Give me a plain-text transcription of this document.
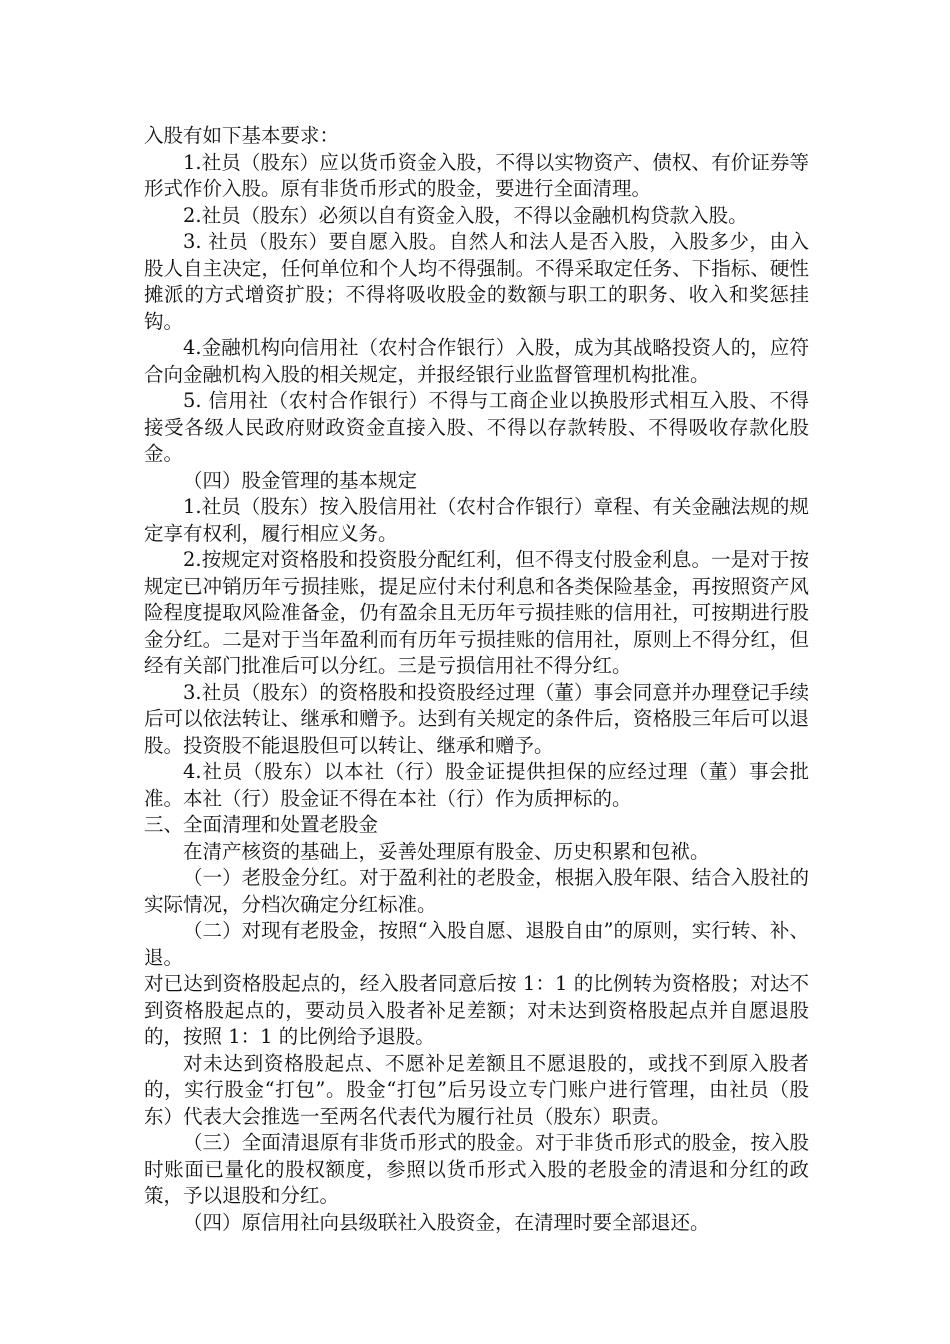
入股有如下基本要求：

1.社员（股东）应以货币资金入股，不得以实物资产、债权、有价证券等形式作价入股。原有非货币形式的股金，要进行全面清理。

2.社员（股东）必须以自有资金入股，不得以金融机构贷款入股。

3. 社员（股东）要自愿入股。自然人和法人是否入股，入股多少，由入股人自主决定，任何单位和个人均不得强制。不得采取定任务、下指标、硬性摊派的方式增资扩股；不得将吸收股金的数额与职工的职务、收入和奖惩挂钩。

4.金融机构向信用社（农村合作银行）入股，成为其战略投资人的，应符合向金融机构入股的相关规定，并报经银行业监督管理机构批准。

5. 信用社（农村合作银行）不得与工商企业以换股形式相互入股、不得接受各级人民政府财政资金直接入股、不得以存款转股、不得吸收存款化股金。

（四）股金管理的基本规定

1.社员（股东）按入股信用社（农村合作银行）章程、有关金融法规的规定享有权利，履行相应义务。

2.按规定对资格股和投资股分配红利，但不得支付股金利息。一是对于按规定已冲销历年亏损挂账，提足应付未付利息和各类保险基金，再按照资产风险程度提取风险准备金，仍有盈余且无历年亏损挂账的信用社，可按期进行股金分红。二是对于当年盈利而有历年亏损挂账的信用社，原则上不得分红，但经有关部门批准后可以分红。三是亏损信用社不得分红。

3.社员（股东）的资格股和投资股经过理（董）事会同意并办理登记手续后可以依法转让、继承和赠予。达到有关规定的条件后，资格股三年后可以退股。投资股不能退股但可以转让、继承和赠予。

4.社员（股东）以本社（行）股金证提供担保的应经过理（董）事会批准。本社（行）股金证不得在本社（行）作为质押标的。

三、全面清理和处置老股金

在清产核资的基础上，妥善处理原有股金、历史积累和包袱。

（一）老股金分红。对于盈利社的老股金，根据入股年限、结合入股社的实际情况，分档次确定分红标准。

（二）对现有老股金，按照“入股自愿、退股自由”的原则，实行转、补、退。

对已达到资格股起点的，经入股者同意后按 1：1 的比例转为资格股；对达不到资格股起点的，要动员入股者补足差额；对未达到资格股起点并自愿退股的，按照 1：1 的比例给予退股。

对未达到资格股起点、不愿补足差额且不愿退股的，或找不到原入股者的，实行股金“打包”。股金“打包”后另设立专门账户进行管理，由社员（股东）代表大会推选一至两名代表代为履行社员（股东）职责。

（三）全面清退原有非货币形式的股金。对于非货币形式的股金，按入股时账面已量化的股权额度，参照以货币形式入股的老股金的清退和分红的政策，予以退股和分红。

（四）原信用社向县级联社入股资金，在清理时要全部退还。
